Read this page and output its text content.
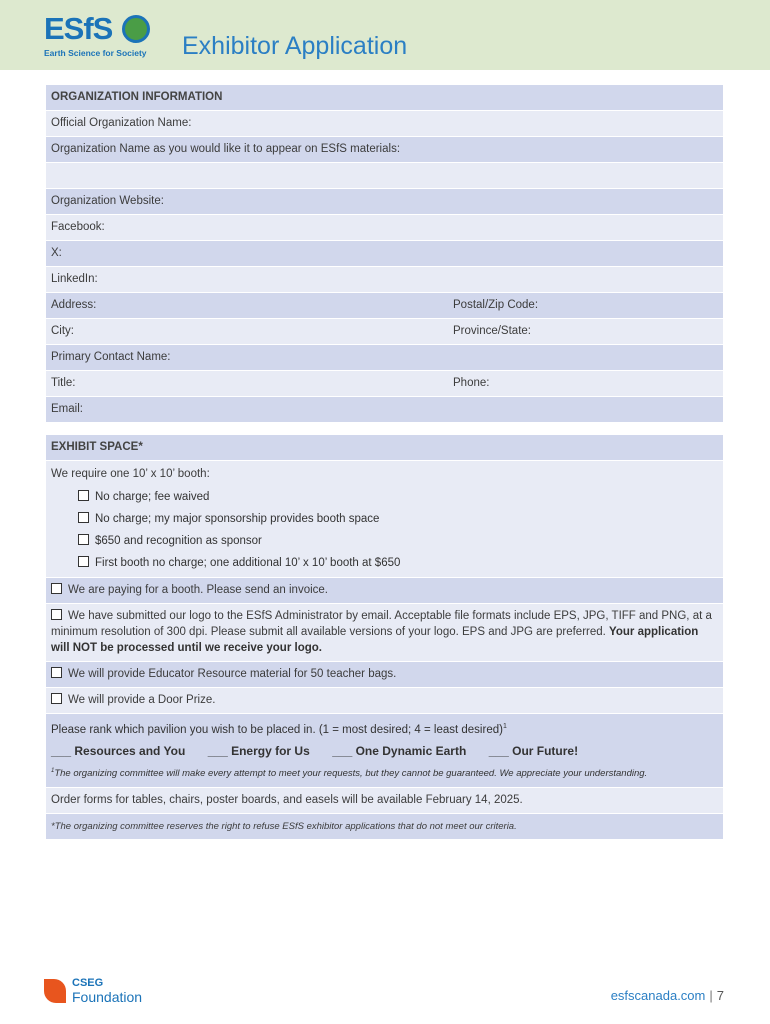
ESfS
Earth Science for Society Exhibitor Application
ORGANIZATION INFORMATION
Official Organization Name:
Organization Name as you would like it to appear on ESfS materials:
Organization Website:
Facebook:
X:
LinkedIn:
Address:	Postal/Zip Code:
City:	Province/State:
Primary Contact Name:
Title:	Phone:
Email:
EXHIBIT SPACE*
We require one 10’ x 10’ booth:
No charge; fee waived
No charge; my major sponsorship provides booth space
$650 and recognition as sponsor
First booth no charge; one additional 10’ x 10’ booth at $650
We are paying for a booth. Please send an invoice.
We have submitted our logo to the ESfS Administrator by email. Acceptable file formats include EPS, JPG, TIFF and PNG, at a minimum resolution of 300 dpi. Please submit all available versions of your logo. EPS and JPG are preferred. Your application will NOT be processed until we receive your logo.
We will provide Educator Resource material for 50 teacher bags.
We will provide a Door Prize.
Please rank which pavilion you wish to be placed in. (1 = most desired; 4 = least desired)$^1$
___ Resources and You ___ Energy for Us ___ One Dynamic Earth ___ Our Future!
$^1$The organizing committee will make every attempt to meet your requests, but they cannot be guaranteed. We appreciate your understanding.
Order forms for tables, chairs, poster boards, and easels will be available February 14, 2025.
*The organizing committee reserves the right to refuse ESfS exhibitor applications that do not meet our criteria.
CSEG
Foundation	esfscanada.com | 7
